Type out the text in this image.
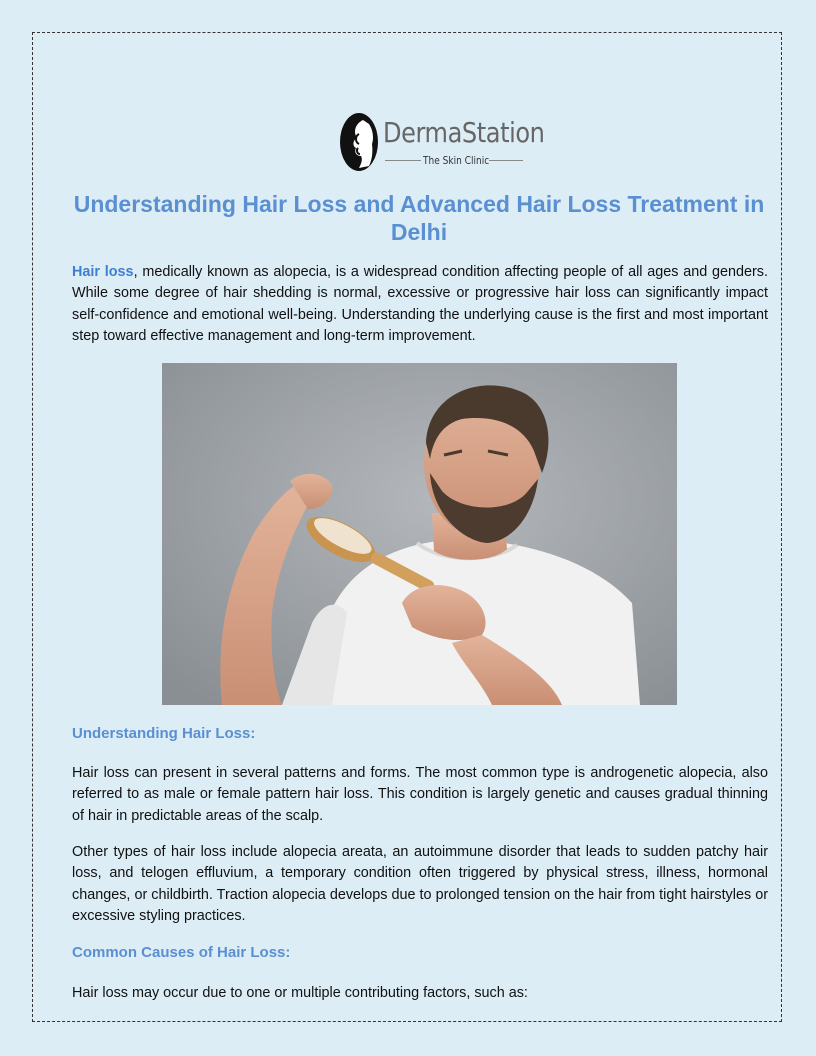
DermaStation
The Skin Clinic
Understanding Hair Loss and Advanced Hair Loss Treatment in Delhi

Hair loss, medically known as alopecia, is a widespread condition affecting people of all ages and genders. While some degree of hair shedding is normal, excessive or progressive hair loss can significantly impact self-confidence and emotional well-being. Understanding the underlying cause is the first and most important step toward effective management and long-term improvement.

Understanding Hair Loss:

Hair loss can present in several patterns and forms. The most common type is androgenetic alopecia, also referred to as male or female pattern hair loss. This condition is largely genetic and causes gradual thinning of hair in predictable areas of the scalp.

Other types of hair loss include alopecia areata, an autoimmune disorder that leads to sudden patchy hair loss, and telogen effluvium, a temporary condition often triggered by physical stress, illness, hormonal changes, or childbirth. Traction alopecia develops due to prolonged tension on the hair from tight hairstyles or excessive styling practices.

Common Causes of Hair Loss:

Hair loss may occur due to one or multiple contributing factors, such as:
